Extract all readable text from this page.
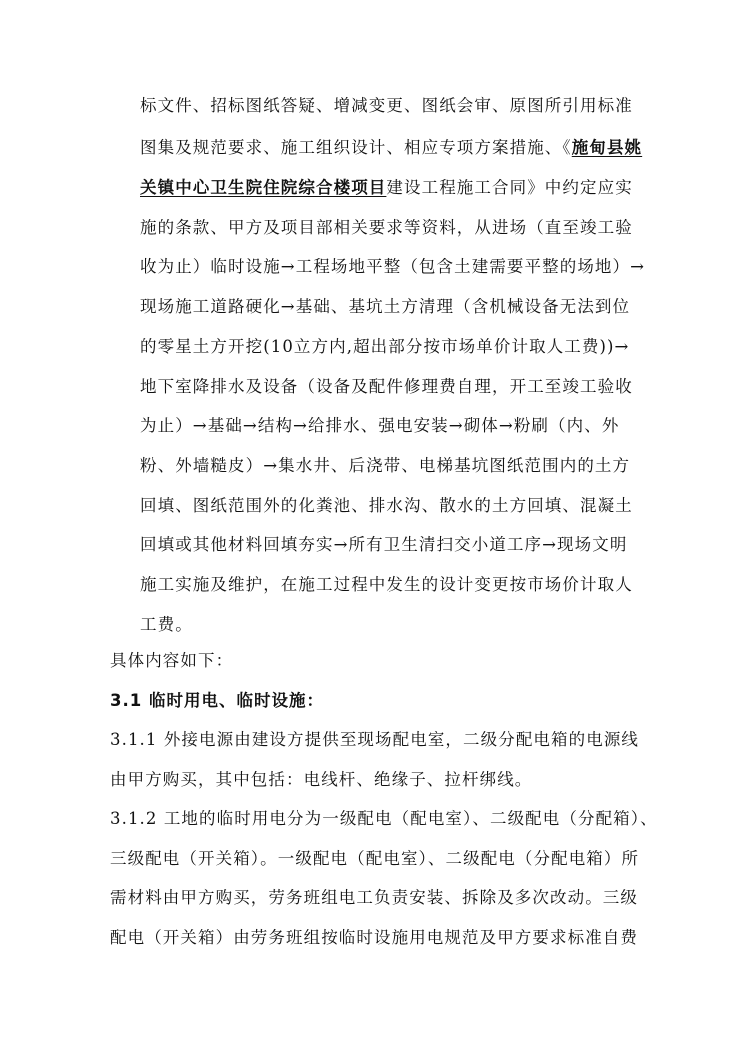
标文件、招标图纸答疑、增减变更、图纸会审、原图所引用标准
图集及规范要求、施工组织设计、相应专项方案措施、《施甸县姚
关镇中心卫生院住院综合楼项目建设工程施工合同》中约定应实
施的条款、甲方及项目部相关要求等资料，从进场（直至竣工验
收为止）临时设施→工程场地平整（包含土建需要平整的场地）→
现场施工道路硬化→基础、基坑土方清理（含机械设备无法到位
的零星土方开挖(10立方内,超出部分按市场单价计取人工费))→
地下室降排水及设备（设备及配件修理费自理，开工至竣工验收
为止）→基础→结构→给排水、强电安装→砌体→粉刷（内、外
粉、外墙糙皮）→集水井、后浇带、电梯基坑图纸范围内的土方
回填、图纸范围外的化粪池、排水沟、散水的土方回填、混凝土
回填或其他材料回填夯实→所有卫生清扫交小道工序→现场文明
施工实施及维护，在施工过程中发生的设计变更按市场价计取人
工费。
具体内容如下：
3.1 临时用电、临时设施：
3.1.1 外接电源由建设方提供至现场配电室，二级分配电箱的电源线
由甲方购买，其中包括：电线杆、绝缘子、拉杆绑线。
3.1.2 工地的临时用电分为一级配电（配电室）、二级配电（分配箱）、
三级配电（开关箱）。一级配电（配电室）、二级配电（分配电箱）所
需材料由甲方购买，劳务班组电工负责安装、拆除及多次改动。三级
配电（开关箱）由劳务班组按临时设施用电规范及甲方要求标准自费
